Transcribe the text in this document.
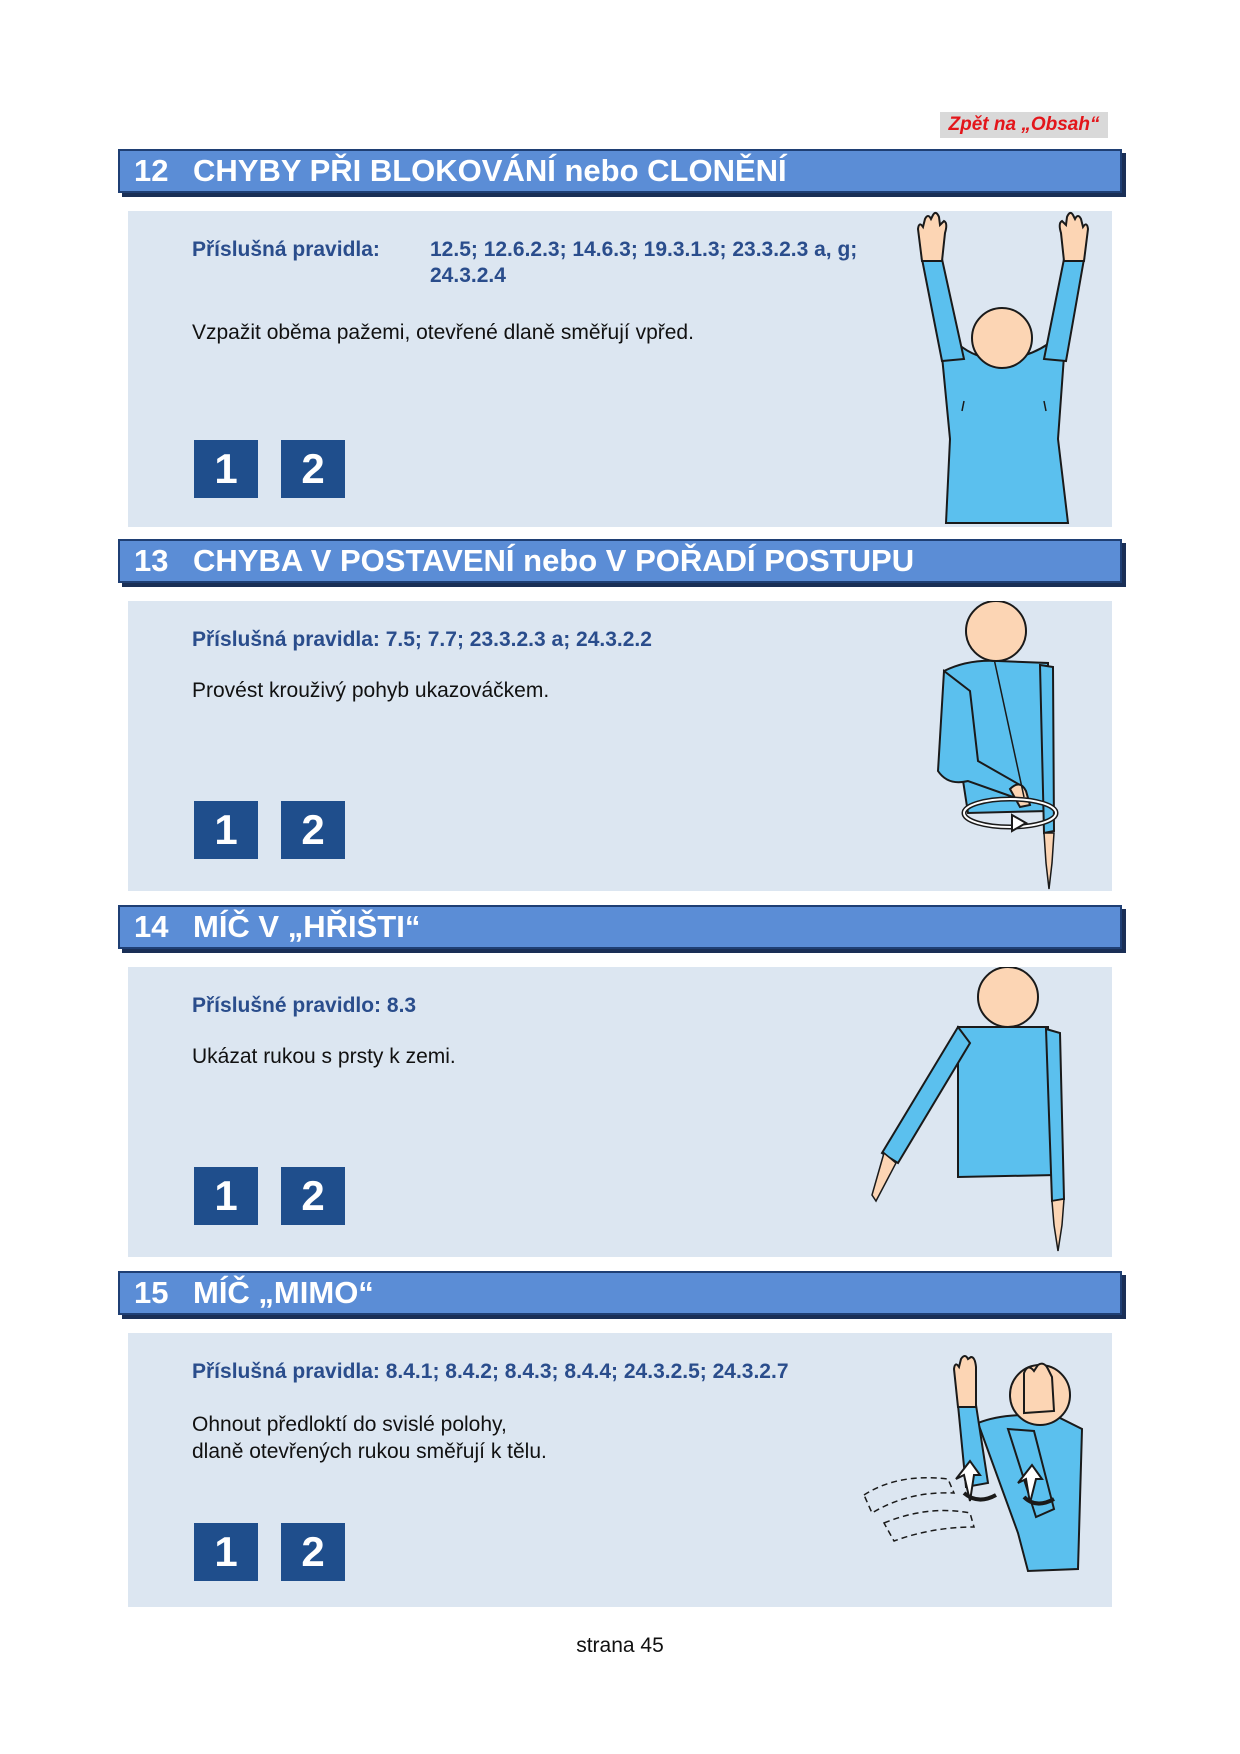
Zpět na „Obsah“
12 CHYBY PŘI BLOKOVÁNÍ nebo CLONĚNÍ
Příslušná pravidla: 12.5; 12.6.2.3; 14.6.3; 19.3.1.3; 23.3.2.3 a, g;
24.3.2.4
Vzpažit oběma pažemi, otevřené dlaně směřují vpřed.
1	2
13 CHYBA V POSTAVENÍ nebo V POŘADÍ POSTUPU
Příslušná pravidla: 7.5; 7.7; 23.3.2.3 a; 24.3.2.2
Provést krouživý pohyb ukazováčkem.
1	2
14 MÍČ V „HŘIŠTI“
Příslušné pravidlo: 8.3
Ukázat rukou s prsty k zemi.
1	2
15 MÍČ „MIMO“
Příslušná pravidla: 8.4.1; 8.4.2; 8.4.3; 8.4.4; 24.3.2.5; 24.3.2.7
Ohnout předloktí do svislé polohy,
dlaně otevřených rukou směřují k tělu.
1	2
strana 45
